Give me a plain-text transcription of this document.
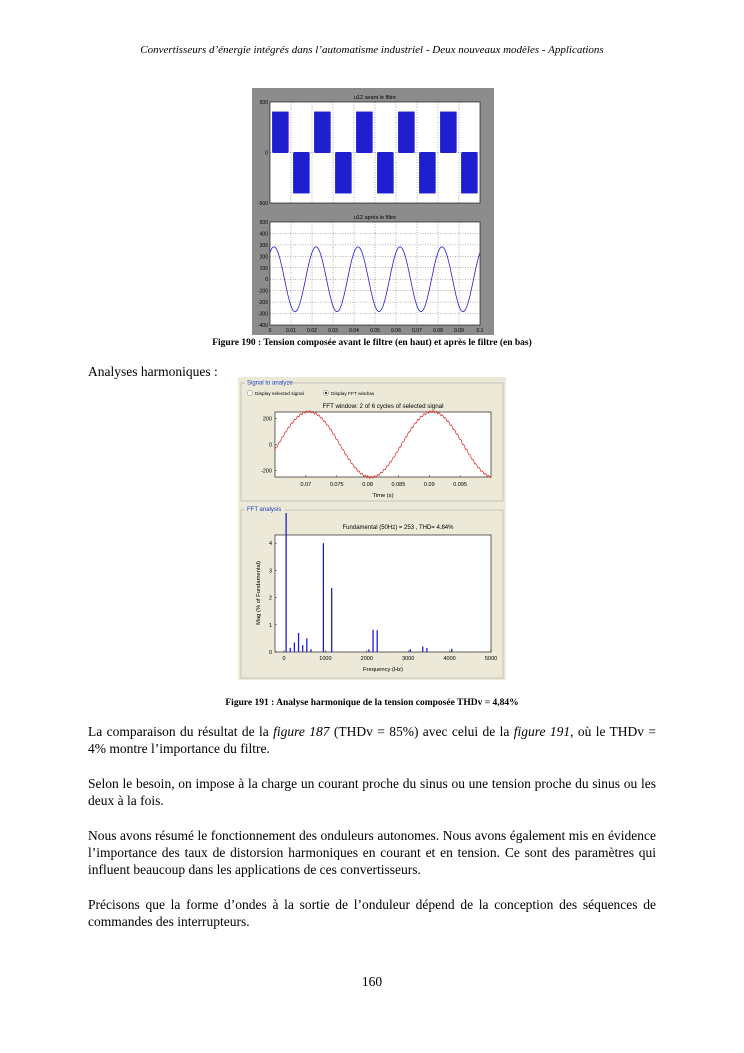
Convertisseurs d’énergie intégrés dans l’automatisme industriel - Deux nouveaux modèles - Applications
u12 avant le filtre
500
0
-500
u12 après le filtre
500
400
300
200
100
0
-100
-200
-300
-400
0	0.01 0.02 0.03 0.04 0.05 0.06 0.07 0.08 0.09	0.1
Figure 190 : Tension composée avant le filtre (en haut) et après le filtre (en bas)
Analyses harmoniques :
Signal to analyze
Display selected signal	Display FFT window
FFT window: 2 of 6 cycles of selected signal
200
0
-200
0.07	0.075	0.08	0.085	0.09	0.095
Time (s)
FFT analysis
Fundamental (50Hz) = 253 , THD= 4.84%
4
3
2
1
0
0	1000	2000	3000	4000	5000
Frequency (Hz)
Mag (% of Fundamental)
Figure 191 : Analyse harmonique de la tension composée THDv = 4,84%
La comparaison du résultat de la figure 187 (THDv = 85%) avec celui de la figure 191, où le THDv = 4% montre l’importance du filtre.
Selon le besoin, on impose à la charge un courant proche du sinus ou une tension proche du sinus ou les deux à la fois.
Nous avons résumé le fonctionnement des onduleurs autonomes. Nous avons également mis en évidence l’importance des taux de distorsion harmoniques en courant et en tension. Ce sont des paramètres qui influent beaucoup dans les applications de ces convertisseurs.
Précisons que la forme d’ondes à la sortie de l’onduleur dépend de la conception des séquences de commandes des interrupteurs.
160
